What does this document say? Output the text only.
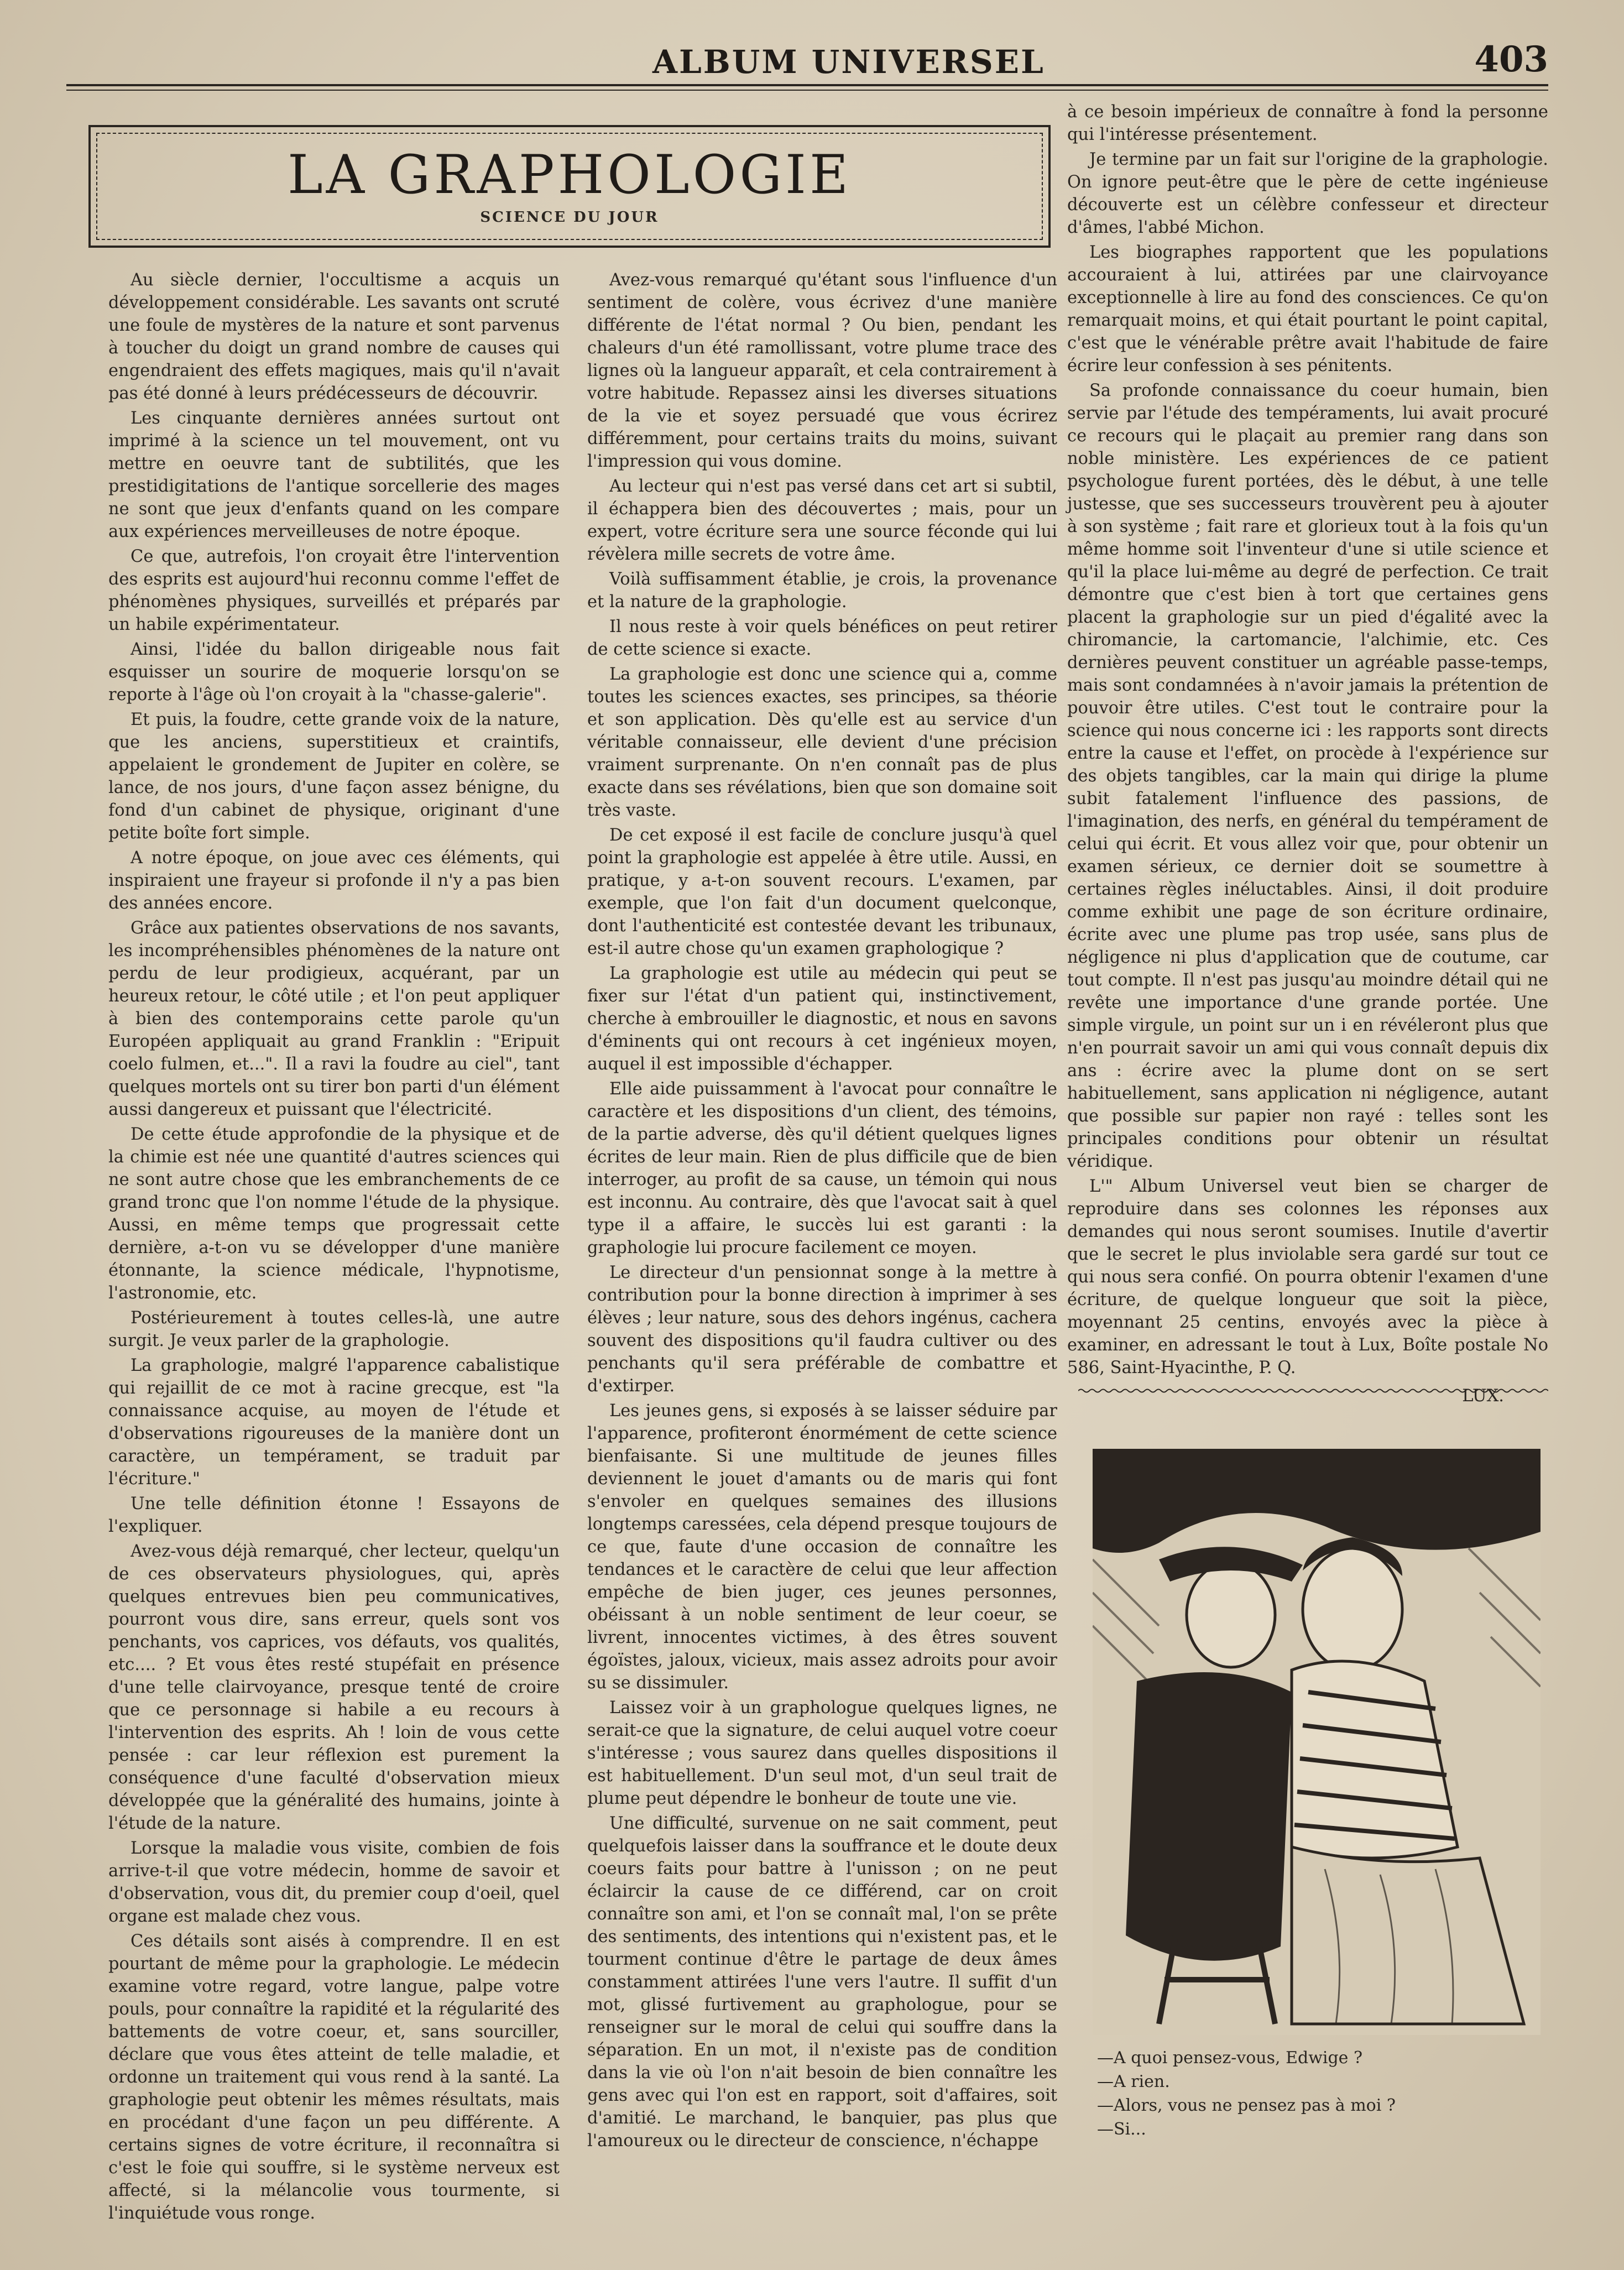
ALBUM UNIVERSEL	403
LA GRAPHOLOGIE
SCIENCE DU JOUR

Au siècle dernier, l'occultisme a acquis un développement considérable. Les savants ont scruté une foule de mystères de la nature et sont parvenus à toucher du doigt un grand nombre de causes qui engendraient des effets magiques, mais qu'il n'avait pas été donné à leurs prédécesseurs de découvrir.

Les cinquante dernières années surtout ont imprimé à la science un tel mouvement, ont vu mettre en oeuvre tant de subtilités, que les prestidigitations de l'antique sorcellerie des mages ne sont que jeux d'enfants quand on les compare aux expériences merveilleuses de notre époque.

Ce que, autrefois, l'on croyait être l'intervention des esprits est aujourd'hui reconnu comme l'effet de phénomènes physiques, surveillés et préparés par un habile expérimentateur.

Ainsi, l'idée du ballon dirigeable nous fait esquisser un sourire de moquerie lorsqu'on se reporte à l'âge où l'on croyait à la "chasse-galerie".

Et puis, la foudre, cette grande voix de la nature, que les anciens, superstitieux et craintifs, appelaient le grondement de Jupiter en colère, se lance, de nos jours, d'une façon assez bénigne, du fond d'un cabinet de physique, originant d'une petite boîte fort simple.

A notre époque, on joue avec ces éléments, qui inspiraient une frayeur si profonde il n'y a pas bien des années encore.

Grâce aux patientes observations de nos savants, les incompréhensibles phénomènes de la nature ont perdu de leur prodigieux, acquérant, par un heureux retour, le côté utile ; et l'on peut appliquer à bien des contemporains cette parole qu'un Européen appliquait au grand Franklin : "Eripuit coelo fulmen, et...". Il a ravi la foudre au ciel", tant quelques mortels ont su tirer bon parti d'un élément aussi dangereux et puissant que l'électricité.

De cette étude approfondie de la physique et de la chimie est née une quantité d'autres sciences qui ne sont autre chose que les embranchements de ce grand tronc que l'on nomme l'étude de la physique. Aussi, en même temps que progressait cette dernière, a-t-on vu se développer d'une manière étonnante, la science médicale, l'hypnotisme, l'astronomie, etc.

Postérieurement à toutes celles-là, une autre surgit. Je veux parler de la graphologie.

La graphologie, malgré l'apparence cabalistique qui rejaillit de ce mot à racine grecque, est "la connaissance acquise, au moyen de l'étude et d'observations rigoureuses de la manière dont un caractère, un tempérament, se traduit par l'écriture."

Une telle définition étonne ! Essayons de l'expliquer.

Avez-vous déjà remarqué, cher lecteur, quelqu'un de ces observateurs physiologues, qui, après quelques entrevues bien peu communicatives, pourront vous dire, sans erreur, quels sont vos penchants, vos caprices, vos défauts, vos qualités, etc.... ? Et vous êtes resté stupéfait en présence d'une telle clairvoyance, presque tenté de croire que ce personnage si habile a eu recours à l'intervention des esprits. Ah ! loin de vous cette pensée : car leur réflexion est purement la conséquence d'une faculté d'observation mieux développée que la généralité des humains, jointe à l'étude de la nature.

Lorsque la maladie vous visite, combien de fois arrive-t-il que votre médecin, homme de savoir et d'observation, vous dit, du premier coup d'oeil, quel organe est malade chez vous.

Ces détails sont aisés à comprendre. Il en est pourtant de même pour la graphologie. Le médecin examine votre regard, votre langue, palpe votre pouls, pour connaître la rapidité et la régularité des battements de votre coeur, et, sans sourciller, déclare que vous êtes atteint de telle maladie, et ordonne un traitement qui vous rend à la santé. La graphologie peut obtenir les mêmes résultats, mais en procédant d'une façon un peu différente. A certains signes de votre écriture, il reconnaîtra si c'est le foie qui souffre, si le système nerveux est affecté, si la mélancolie vous tourmente, si l'inquiétude vous ronge.

Avez-vous remarqué qu'étant sous l'influence d'un sentiment de colère, vous écrivez d'une manière différente de l'état normal ? Ou bien, pendant les chaleurs d'un été ramollissant, votre plume trace des lignes où la langueur apparaît, et cela contrairement à votre habitude. Repassez ainsi les diverses situations de la vie et soyez persuadé que vous écrirez différemment, pour certains traits du moins, suivant l'impression qui vous domine.

Au lecteur qui n'est pas versé dans cet art si subtil, il échappera bien des découvertes ; mais, pour un expert, votre écriture sera une source féconde qui lui révèlera mille secrets de votre âme.

Voilà suffisamment établie, je crois, la provenance et la nature de la graphologie.

Il nous reste à voir quels bénéfices on peut retirer de cette science si exacte.

La graphologie est donc une science qui a, comme toutes les sciences exactes, ses principes, sa théorie et son application. Dès qu'elle est au service d'un véritable connaisseur, elle devient d'une précision vraiment surprenante. On n'en connaît pas de plus exacte dans ses révélations, bien que son domaine soit très vaste.

De cet exposé il est facile de conclure jusqu'à quel point la graphologie est appelée à être utile. Aussi, en pratique, y a-t-on souvent recours. L'examen, par exemple, que l'on fait d'un document quelconque, dont l'authenticité est contestée devant les tribunaux, est-il autre chose qu'un examen graphologique ?

La graphologie est utile au médecin qui peut se fixer sur l'état d'un patient qui, instinctivement, cherche à embrouiller le diagnostic, et nous en savons d'éminents qui ont recours à cet ingénieux moyen, auquel il est impossible d'échapper.

Elle aide puissamment à l'avocat pour connaître le caractère et les dispositions d'un client, des témoins, de la partie adverse, dès qu'il détient quelques lignes écrites de leur main. Rien de plus difficile que de bien interroger, au profit de sa cause, un témoin qui nous est inconnu. Au contraire, dès que l'avocat sait à quel type il a affaire, le succès lui est garanti : la graphologie lui procure facilement ce moyen.

Le directeur d'un pensionnat songe à la mettre à contribution pour la bonne direction à imprimer à ses élèves ; leur nature, sous des dehors ingénus, cachera souvent des dispositions qu'il faudra cultiver ou des penchants qu'il sera préférable de combattre et d'extirper.

Les jeunes gens, si exposés à se laisser séduire par l'apparence, profiteront énormément de cette science bienfaisante. Si une multitude de jeunes filles deviennent le jouet d'amants ou de maris qui font s'envoler en quelques semaines des illusions longtemps caressées, cela dépend presque toujours de ce que, faute d'une occasion de connaître les tendances et le caractère de celui que leur affection empêche de bien juger, ces jeunes personnes, obéissant à un noble sentiment de leur coeur, se livrent, innocentes victimes, à des êtres souvent égoïstes, jaloux, vicieux, mais assez adroits pour avoir su se dissimuler.

Laissez voir à un graphologue quelques lignes, ne serait-ce que la signature, de celui auquel votre coeur s'intéresse ; vous saurez dans quelles dispositions il est habituellement. D'un seul mot, d'un seul trait de plume peut dépendre le bonheur de toute une vie.

Une difficulté, survenue on ne sait comment, peut quelquefois laisser dans la souffrance et le doute deux coeurs faits pour battre à l'unisson ; on ne peut éclaircir la cause de ce différend, car on croit connaître son ami, et l'on se connaît mal, l'on se prête des sentiments, des intentions qui n'existent pas, et le tourment continue d'être le partage de deux âmes constamment attirées l'une vers l'autre. Il suffit d'un mot, glissé furtivement au graphologue, pour se renseigner sur le moral de celui qui souffre dans la séparation. En un mot, il n'existe pas de condition dans la vie où l'on n'ait besoin de bien connaître les gens avec qui l'on est en rapport, soit d'affaires, soit d'amitié. Le marchand, le banquier, pas plus que l'amoureux ou le directeur de conscience, n'échappe

à ce besoin impérieux de connaître à fond la personne qui l'intéresse présentement.

Je termine par un fait sur l'origine de la graphologie. On ignore peut-être que le père de cette ingénieuse découverte est un célèbre confesseur et directeur d'âmes, l'abbé Michon.

Les biographes rapportent que les populations accouraient à lui, attirées par une clairvoyance exceptionnelle à lire au fond des consciences. Ce qu'on remarquait moins, et qui était pourtant le point capital, c'est que le vénérable prêtre avait l'habitude de faire écrire leur confession à ses pénitents.

Sa profonde connaissance du coeur humain, bien servie par l'étude des tempéraments, lui avait procuré ce recours qui le plaçait au premier rang dans son noble ministère. Les expériences de ce patient psychologue furent portées, dès le début, à une telle justesse, que ses successeurs trouvèrent peu à ajouter à son système ; fait rare et glorieux tout à la fois qu'un même homme soit l'inventeur d'une si utile science et qu'il la place lui-même au degré de perfection. Ce trait démontre que c'est bien à tort que certaines gens placent la graphologie sur un pied d'égalité avec la chiromancie, la cartomancie, l'alchimie, etc. Ces dernières peuvent constituer un agréable passe-temps, mais sont condamnées à n'avoir jamais la prétention de pouvoir être utiles. C'est tout le contraire pour la science qui nous concerne ici : les rapports sont directs entre la cause et l'effet, on procède à l'expérience sur des objets tangibles, car la main qui dirige la plume subit fatalement l'influence des passions, de l'imagination, des nerfs, en général du tempérament de celui qui écrit. Et vous allez voir que, pour obtenir un examen sérieux, ce dernier doit se soumettre à certaines règles inéluctables. Ainsi, il doit produire comme exhibit une page de son écriture ordinaire, écrite avec une plume pas trop usée, sans plus de négligence ni plus d'application que de coutume, car tout compte. Il n'est pas jusqu'au moindre détail qui ne revête une importance d'une grande portée. Une simple virgule, un point sur un i en révéleront plus que n'en pourrait savoir un ami qui vous connaît depuis dix ans : écrire avec la plume dont on se sert habituellement, sans application ni négligence, autant que possible sur papier non rayé : telles sont les principales conditions pour obtenir un résultat véridique.

L'" Album Universel veut bien se charger de reproduire dans ses colonnes les réponses aux demandes qui nous seront soumises. Inutile d'avertir que le secret le plus inviolable sera gardé sur tout ce qui nous sera confié. On pourra obtenir l'examen d'une écriture, de quelque longueur que soit la pièce, moyennant 25 centins, envoyés avec la pièce à examiner, en adressant le tout à Lux, Boîte postale No 586, Saint-Hyacinthe, P. Q.

LUX.

—A quoi pensez-vous, Edwige ?
—A rien.
—Alors, vous ne pensez pas à moi ?
—Si...
